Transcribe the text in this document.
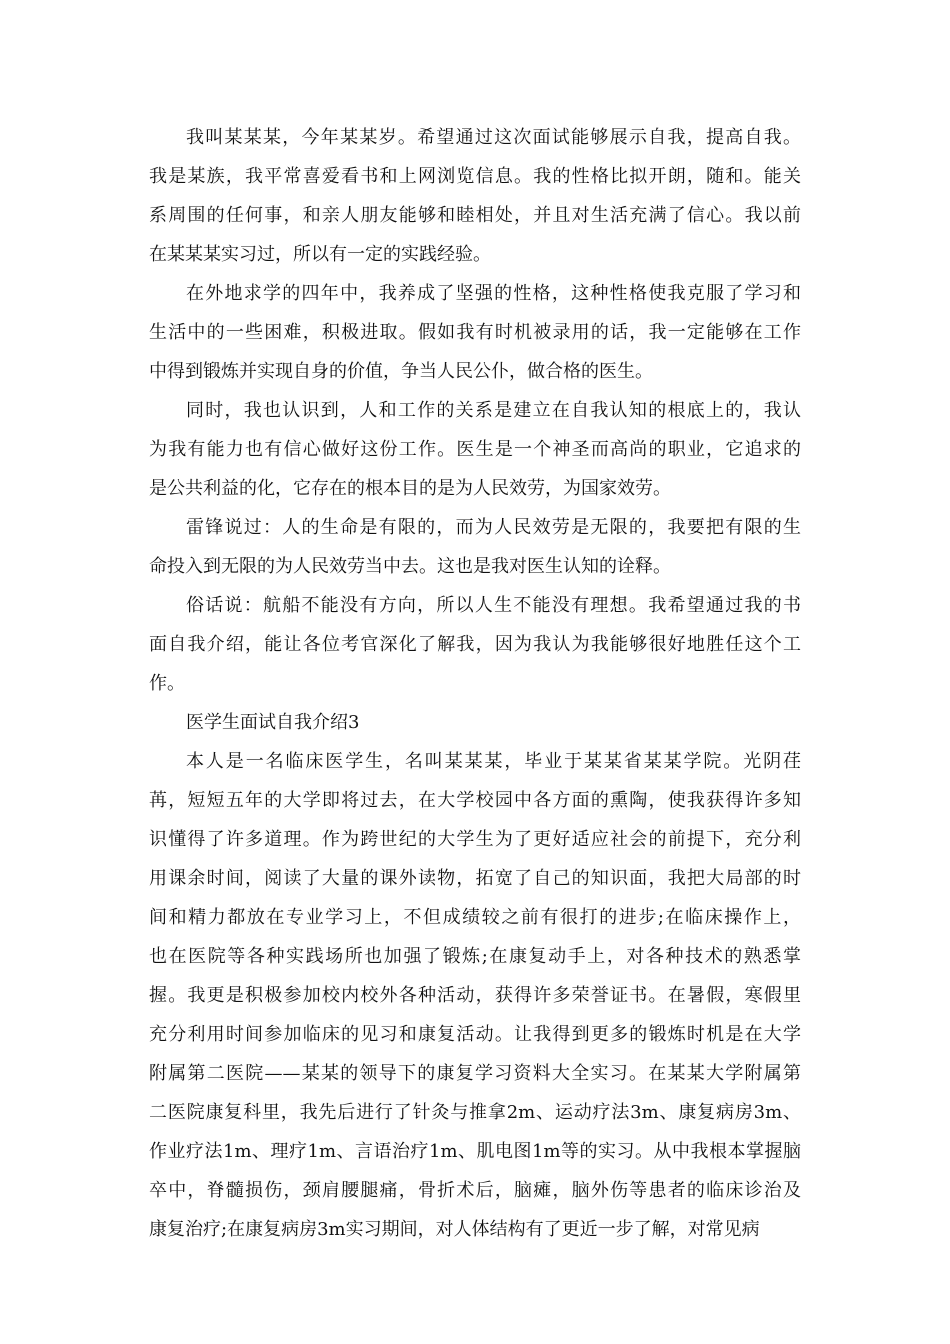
我叫某某某，今年某某岁。希望通过这次面试能够展示自我，提高自我。
我是某族，我平常喜爱看书和上网浏览信息。我的性格比拟开朗，随和。能关
系周围的任何事，和亲人朋友能够和睦相处，并且对生活充满了信心。我以前
在某某某实习过，所以有一定的实践经验。
在外地求学的四年中，我养成了坚强的性格，这种性格使我克服了学习和
生活中的一些困难，积极进取。假如我有时机被录用的话，我一定能够在工作
中得到锻炼并实现自身的价值，争当人民公仆，做合格的医生。
同时，我也认识到，人和工作的关系是建立在自我认知的根底上的，我认
为我有能力也有信心做好这份工作。医生是一个神圣而高尚的职业，它追求的
是公共利益的化，它存在的根本目的是为人民效劳，为国家效劳。
雷锋说过：人的生命是有限的，而为人民效劳是无限的，我要把有限的生
命投入到无限的为人民效劳当中去。这也是我对医生认知的诠释。
俗话说：航船不能没有方向，所以人生不能没有理想。我希望通过我的书
面自我介绍，能让各位考官深化了解我，因为我认为我能够很好地胜任这个工
作。
医学生面试自我介绍3
本人是一名临床医学生，名叫某某某，毕业于某某省某某学院。光阴荏
苒，短短五年的大学即将过去，在大学校园中各方面的熏陶，使我获得许多知
识懂得了许多道理。作为跨世纪的大学生为了更好适应社会的前提下，充分利
用课余时间，阅读了大量的课外读物，拓宽了自己的知识面，我把大局部的时
间和精力都放在专业学习上，不但成绩较之前有很打的进步;在临床操作上，
也在医院等各种实践场所也加强了锻炼;在康复动手上，对各种技术的熟悉掌
握。我更是积极参加校内校外各种活动，获得许多荣誉证书。在暑假，寒假里
充分利用时间参加临床的见习和康复活动。让我得到更多的锻炼时机是在大学
附属第二医院——某某的领导下的康复学习资料大全实习。在某某大学附属第
二医院康复科里，我先后进行了针灸与推拿2m、运动疗法3m、康复病房3m、
作业疗法1m、理疗1m、言语治疗1m、肌电图1m等的实习。从中我根本掌握脑
卒中，脊髓损伤，颈肩腰腿痛，骨折术后，脑瘫，脑外伤等患者的临床诊治及
康复治疗;在康复病房3m实习期间，对人体结构有了更近一步了解，对常见病
